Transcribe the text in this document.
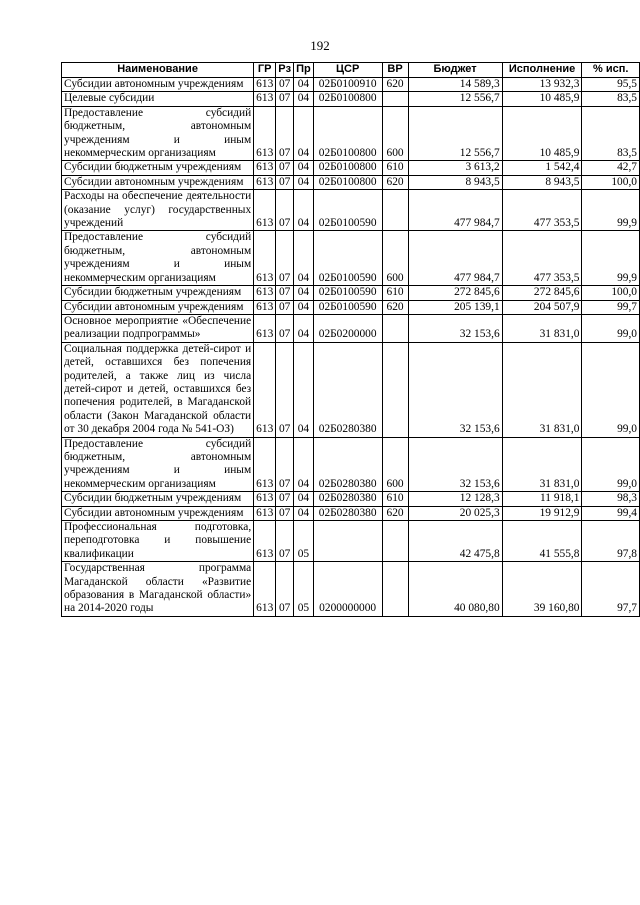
192
Наименование	ГР	Рз	Пр	ЦСР	ВР	Бюджет	Исполнение	% исп.
Субсидии автономным учреждениям	613	07	04	02Б0100910	620	14 589,3	13 932,3	95,5
Целевые субсидии	613	07	04	02Б0100800		12 556,7	10 485,9	83,5
Предоставление субсидий бюджетным, автономным учреждениям и иным некоммерческим организациям	613	07	04	02Б0100800	600	12 556,7	10 485,9	83,5
Субсидии бюджетным учреждениям	613	07	04	02Б0100800	610	3 613,2	1 542,4	42,7
Субсидии автономным учреждениям	613	07	04	02Б0100800	620	8 943,5	8 943,5	100,0
Расходы на обеспечение деятельности (оказание услуг) государственных учреждений	613	07	04	02Б0100590		477 984,7	477 353,5	99,9
Предоставление субсидий бюджетным, автономным учреждениям и иным некоммерческим организациям	613	07	04	02Б0100590	600	477 984,7	477 353,5	99,9
Субсидии бюджетным учреждениям	613	07	04	02Б0100590	610	272 845,6	272 845,6	100,0
Субсидии автономным учреждениям	613	07	04	02Б0100590	620	205 139,1	204 507,9	99,7
Основное мероприятие «Обеспечение реализации подпрограммы»	613	07	04	02Б0200000		32 153,6	31 831,0	99,0
Социальная поддержка детей-сирот и детей, оставшихся без попечения родителей, а также лиц из числа детей-сирот и детей, оставшихся без попечения родителей, в Магаданской области (Закон Магаданской области от 30 декабря 2004 года № 541-ОЗ)	613	07	04	02Б0280380		32 153,6	31 831,0	99,0
Предоставление субсидий бюджетным, автономным учреждениям и иным некоммерческим организациям	613	07	04	02Б0280380	600	32 153,6	31 831,0	99,0
Субсидии бюджетным учреждениям	613	07	04	02Б0280380	610	12 128,3	11 918,1	98,3
Субсидии автономным учреждениям	613	07	04	02Б0280380	620	20 025,3	19 912,9	99,4
Профессиональная подготовка, переподготовка и повышение квалификации	613	07	05			42 475,8	41 555,8	97,8
Государственная программа Магаданской области «Развитие образования в Магаданской области» на 2014-2020 годы	613	07	05	0200000000		40 080,80	39 160,80	97,7
